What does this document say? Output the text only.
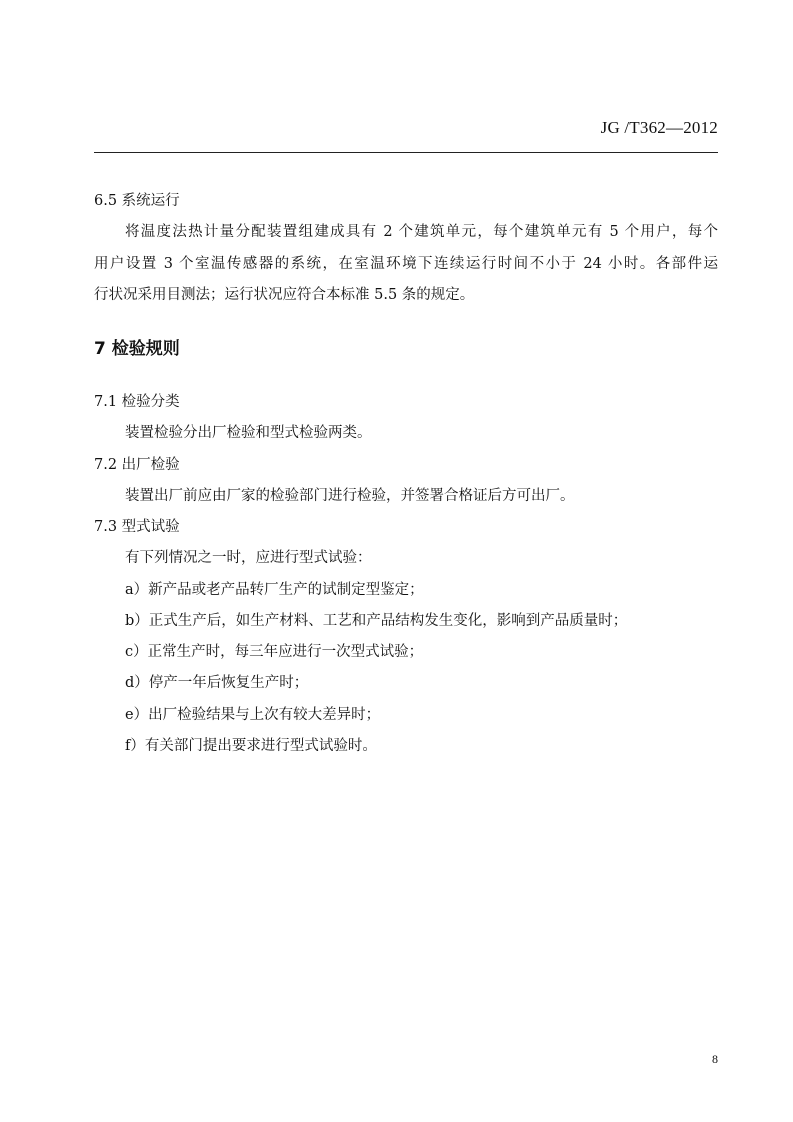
JG /T362—2012
6.5 系统运行
将温度法热计量分配装置组建成具有 2 个建筑单元，每个建筑单元有 5 个用户，每个
用户设置 3 个室温传感器的系统，在室温环境下连续运行时间不小于 24 小时。各部件运
行状况采用目测法；运行状况应符合本标准 5.5 条的规定。
7 检验规则
7.1 检验分类
装置检验分出厂检验和型式检验两类。
7.2 出厂检验
装置出厂前应由厂家的检验部门进行检验，并签署合格证后方可出厂。
7.3 型式试验
有下列情况之一时，应进行型式试验：
a）新产品或老产品转厂生产的试制定型鉴定；
b）正式生产后，如生产材料、工艺和产品结构发生变化，影响到产品质量时；
c）正常生产时，每三年应进行一次型式试验；
d）停产一年后恢复生产时；
e）出厂检验结果与上次有较大差异时；
f）有关部门提出要求进行型式试验时。
8
